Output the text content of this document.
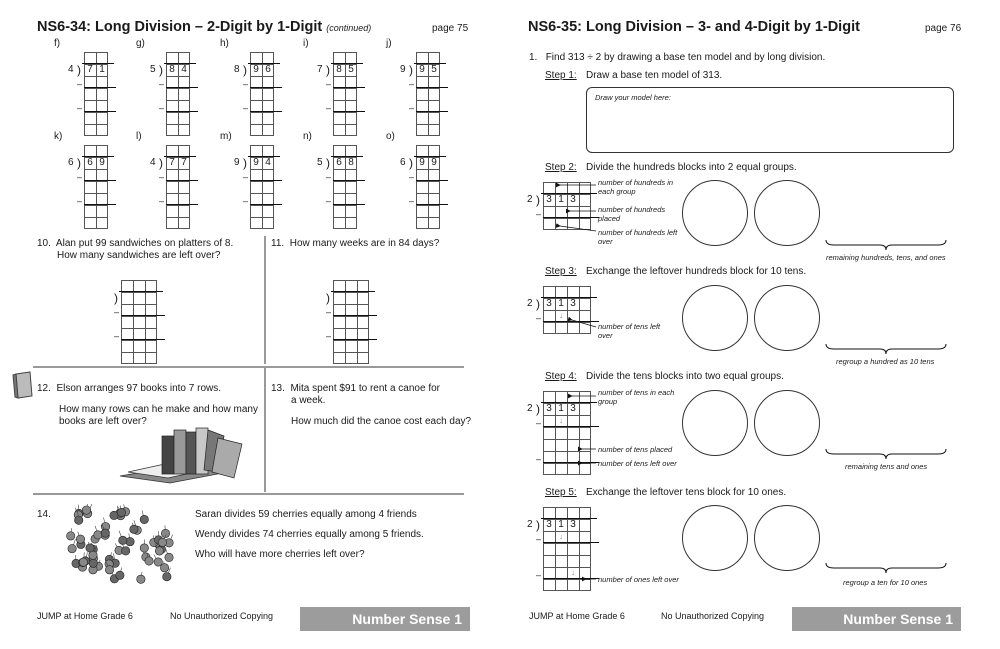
NS6-34: Long Division – 2-Digit by 1-Digit (continued)	page 75
)
4	7 1
–
–
f)
)
5	8 4
–
–
g)
)
8	9 6
–
–
h)
)
7	8 5
–
–
i)
)
9	9 5
–
–
j)
)
6	6 9
–
–
k)
)
4	7 7
–
–
l)
)
9	9 4
–
–
m)
)
5	6 8
–
–
n)
)
6	9 9
–
–
o)
10. Alan put 99 sandwiches on platters of 8.
How many sandwiches are left over?
11. How many weeks are in 84 days?
)
–
–
)
–
–
12. Elson arranges 97 books into 7 rows.
How many rows can he make and how many
books are left over?
13. Mita spent $91 to rent a canoe for
a week.
How much did the canoe cost each day?
14.	Saran divides 59 cherries equally among 4 friends
Wendy divides 74 cherries equally among 5 friends.
Who will have more cherries left over?
JUMP at Home Grade 6	No Unauthorized Copying	Number Sense 1
NS6-35: Long Division – 3- and 4-Digit by 1-Digit	page 76
1. Find 313 ÷ 2 by drawing a base ten model and by long division.
Step 1: Draw a base ten model of 313.
Draw your model here:
Step 2: Divide the hundreds blocks into 2 equal groups.
Step 3: Exchange the leftover hundreds block for 10 tens.
Step 4: Divide the tens blocks into two equal groups.
Step 5: Exchange the leftover tens block for 10 ones.
)
2	3 1 3
–
)
2	3 1 3
–	↓
)
2	3 1 3
–
–
↓
)
2	3 1 3
–
–
↓
↓
number of hundreds in each group
number of hundreds placed
number of hundreds left over
number of tens left over
number of tens in each group
number of tens placed
number of tens left over
number of ones left over
remaining hundreds, tens, and ones
regroup a hundred as 10 tens
remaining tens and ones
regroup a ten for 10 ones
JUMP at Home Grade 6	No Unauthorized Copying	Number Sense 1
